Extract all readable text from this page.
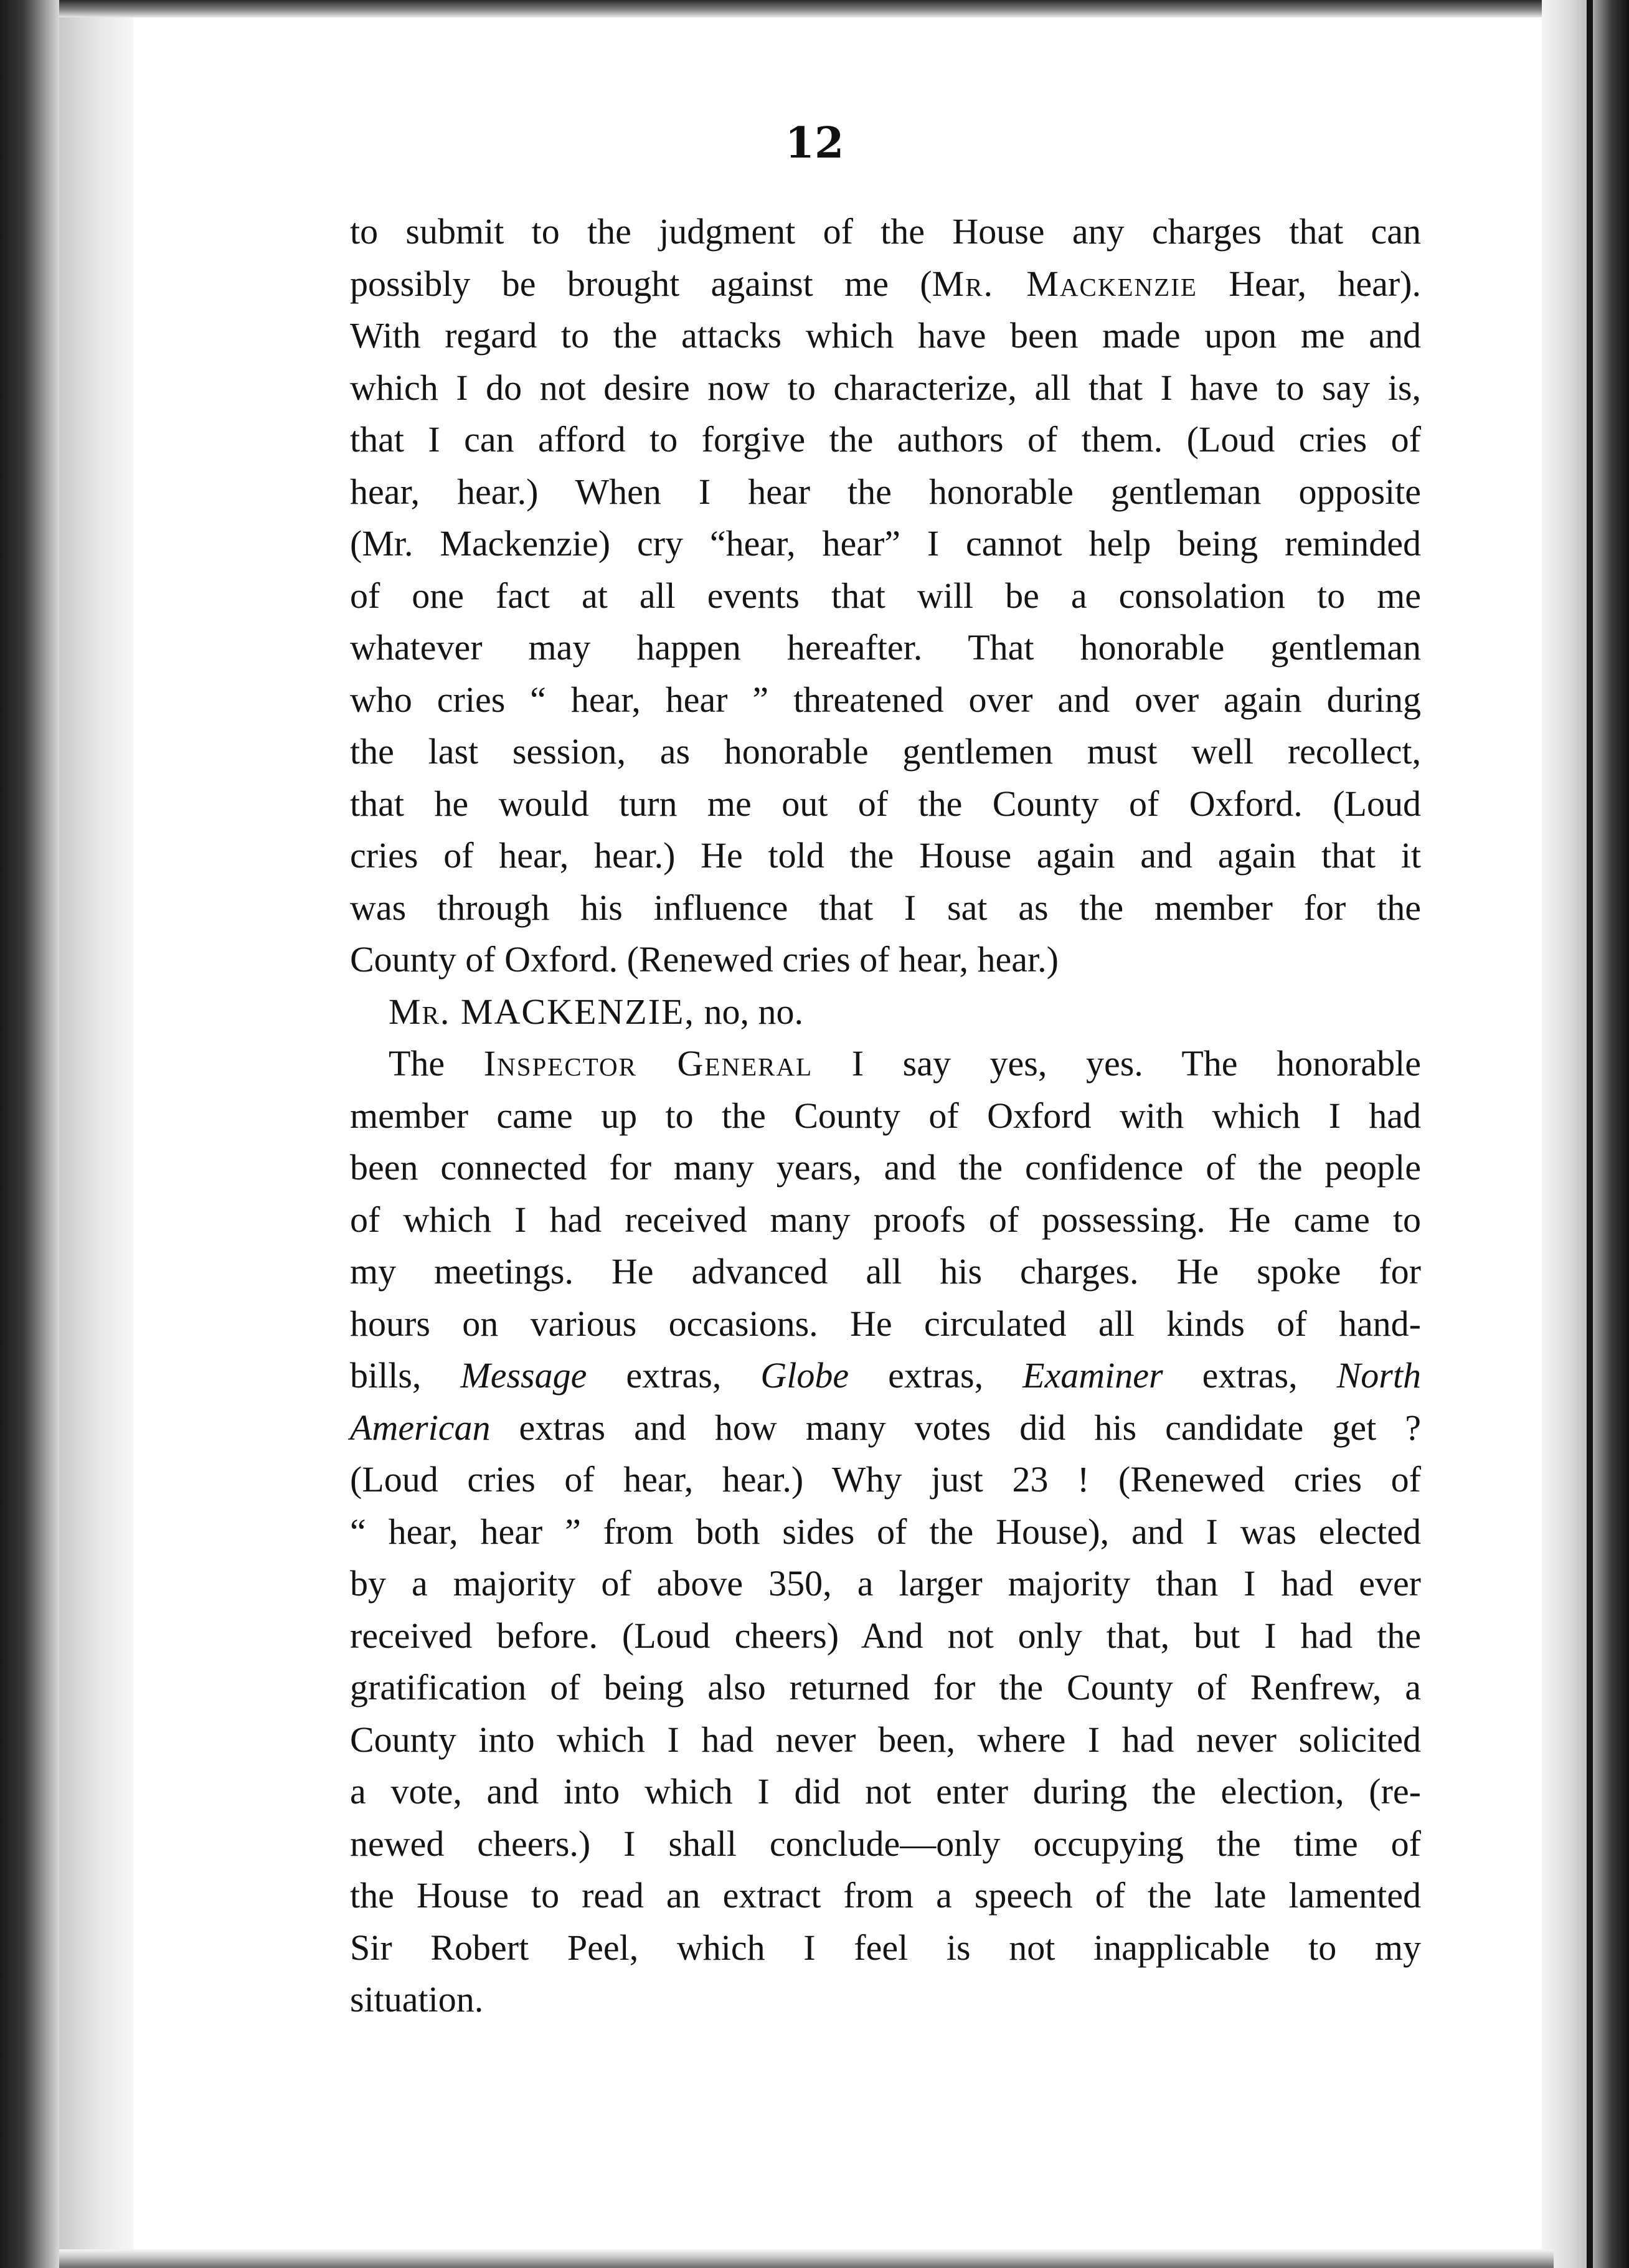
12
to submit to the judgment of the House any charges that can
possibly be brought against me (Mr. Mackenzie Hear, hear).
With regard to the attacks which have been made upon me and
which I do not desire now to characterize, all that I have to say is,
that I can afford to forgive the authors of them. (Loud cries of
hear, hear.) When I hear the honorable gentleman opposite
(Mr. Mackenzie) cry “hear, hear” I cannot help being reminded
of one fact at all events that will be a consolation to me
whatever may happen hereafter. That honorable gentleman
who cries “ hear, hear ” threatened over and over again during
the last session, as honorable gentlemen must well recollect,
that he would turn me out of the County of Oxford. (Loud
cries of hear, hear.) He told the House again and again that it
was through his influence that I sat as the member for the
County of Oxford. (Renewed cries of hear, hear.)
Mr. MACKENZIE, no, no.
The Inspector General I say yes, yes. The honorable
member came up to the County of Oxford with which I had
been connected for many years, and the confidence of the people
of which I had received many proofs of possessing. He came to
my meetings. He advanced all his charges. He spoke for
hours on various occasions. He circulated all kinds of hand-
bills, Message extras, Globe extras, Examiner extras, North
American extras and how many votes did his candidate get ?
(Loud cries of hear, hear.) Why just 23 ! (Renewed cries of
“ hear, hear ” from both sides of the House), and I was elected
by a majority of above 350, a larger majority than I had ever
received before. (Loud cheers) And not only that, but I had the
gratification of being also returned for the County of Renfrew, a
County into which I had never been, where I had never solicited
a vote, and into which I did not enter during the election, (re-
newed cheers.) I shall conclude—only occupying the time of
the House to read an extract from a speech of the late lamented
Sir Robert Peel, which I feel is not inapplicable to my
situation.
